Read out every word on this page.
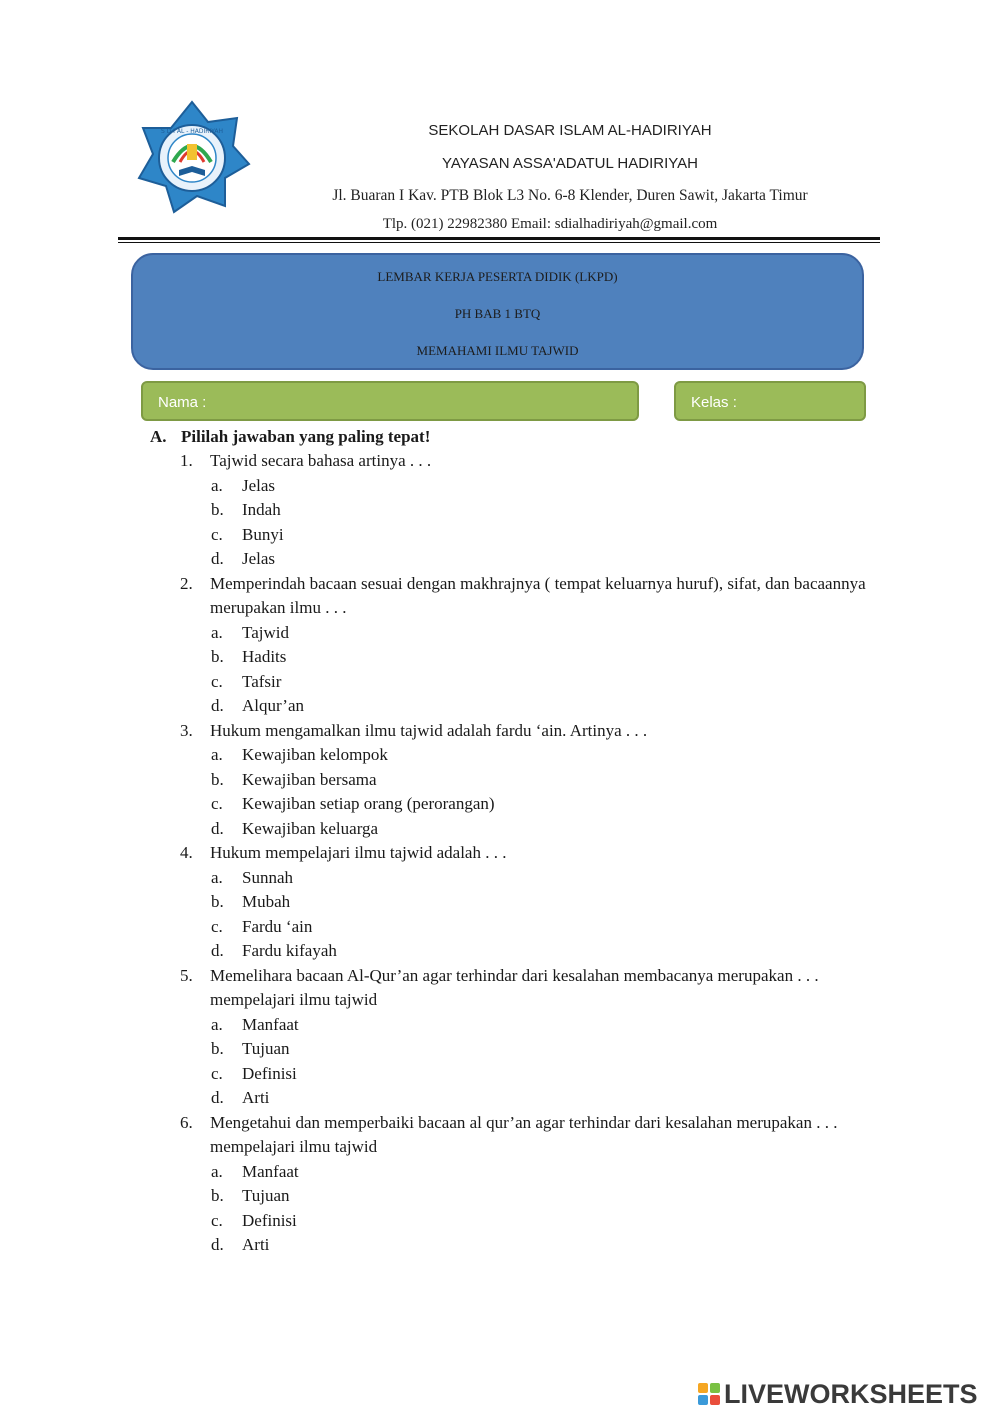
S D I AL - HADIRIYAH	SEKOLAH DASAR ISLAM AL-HADIRIYAH
YAYASAN ASSA'ADATUL HADIRIYAH
Jl. Buaran I Kav. PTB Blok L3 No. 6-8 Klender, Duren Sawit, Jakarta Timur
Tlp. (021) 22982380 Email: sdialhadiriyah@gmail.com
LEMBAR KERJA PESERTA DIDIK (LKPD)
PH BAB 1 BTQ
MEMAHAMI ILMU TAJWID
Nama :	Kelas :
A. Pililah jawaban yang paling tepat!
1.	Tajwid secara bahasa artinya . . .
a.	Jelas
b.	Indah
c.	Bunyi
d.	Jelas
2.	Memperindah bacaan sesuai dengan makhrajnya ( tempat keluarnya huruf), sifat, dan bacaannya merupakan ilmu . . .
a.	Tajwid
b.	Hadits
c.	Tafsir
d.	Alqur’an
3.	Hukum mengamalkan ilmu tajwid adalah fardu ‘ain. Artinya . . .
a.	Kewajiban kelompok
b.	Kewajiban bersama
c.	Kewajiban setiap orang (perorangan)
d.	Kewajiban keluarga
4.	Hukum mempelajari ilmu tajwid adalah . . .
a.	Sunnah
b.	Mubah
c.	Fardu ‘ain
d.	Fardu kifayah
5.	Memelihara bacaan Al-Qur’an agar terhindar dari kesalahan membacanya merupakan . . . mempelajari ilmu tajwid
a.	Manfaat
b.	Tujuan
c.	Definisi
d.	Arti
6.	Mengetahui dan memperbaiki bacaan al qur’an agar terhindar dari kesalahan merupakan . . . mempelajari ilmu tajwid
a.	Manfaat
b.	Tujuan
c.	Definisi
d.	Arti
LIVEWORKSHEETS
